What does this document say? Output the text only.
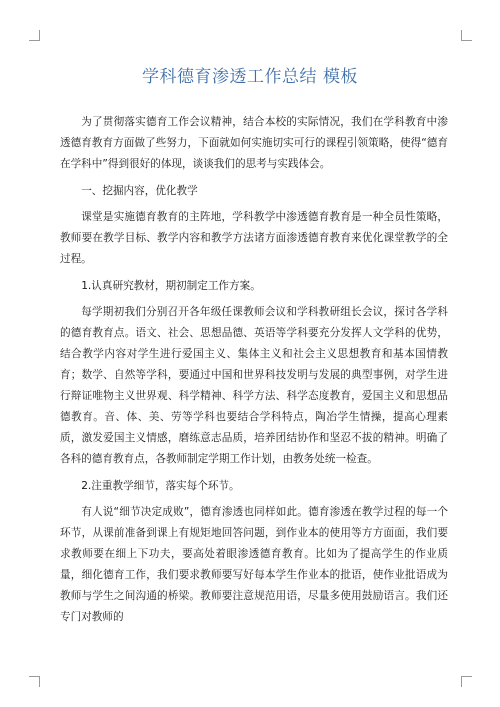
学科德育渗透工作总结 模板

为了贯彻落实德育工作会议精神，结合本校的实际情况，我们在学科教育中渗透德育教育方面做了些努力，下面就如何实施切实可行的课程引领策略，使得“德育在学科中”得到很好的体现，谈谈我们的思考与实践体会。

一、挖掘内容，优化教学

课堂是实施德育教育的主阵地，学科教学中渗透德育教育是一种全员性策略，教师要在教学目标、教学内容和教学方法诸方面渗透德育教育来优化课堂教学的全过程。

1.认真研究教材，期初制定工作方案。

每学期初我们分别召开各年级任课教师会议和学科教研组长会议，探讨各学科的德育教育点。语文、社会、思想品德、英语等学科要充分发挥人文学科的优势，结合教学内容对学生进行爱国主义、集体主义和社会主义思想教育和基本国情教育；数学、自然等学科，要通过中国和世界科技发明与发展的典型事例，对学生进行辩证唯物主义世界观、科学精神、科学方法、科学态度教育，爱国主义和思想品德教育。音、体、美、劳等学科也要结合学科特点，陶冶学生情操，提高心理素质，激发爱国主义情感，磨练意志品质，培养团结协作和坚忍不拔的精神。明确了各科的德育教育点，各教师制定学期工作计划，由教务处统一检查。

2.注重教学细节，落实每个环节。

有人说“细节决定成败”，德育渗透也同样如此。德育渗透在教学过程的每一个环节，从课前准备到课上有规矩地回答问题，到作业本的使用等方方面面，我们要求教师要在细上下功夫，要高处着眼渗透德育教育。比如为了提高学生的作业质量，细化德育工作，我们要求教师要写好每本学生作业本的批语，使作业批语成为教师与学生之间沟通的桥梁。教师要注意规范用语，尽量多使用鼓励语言。我们还专门对教师的
